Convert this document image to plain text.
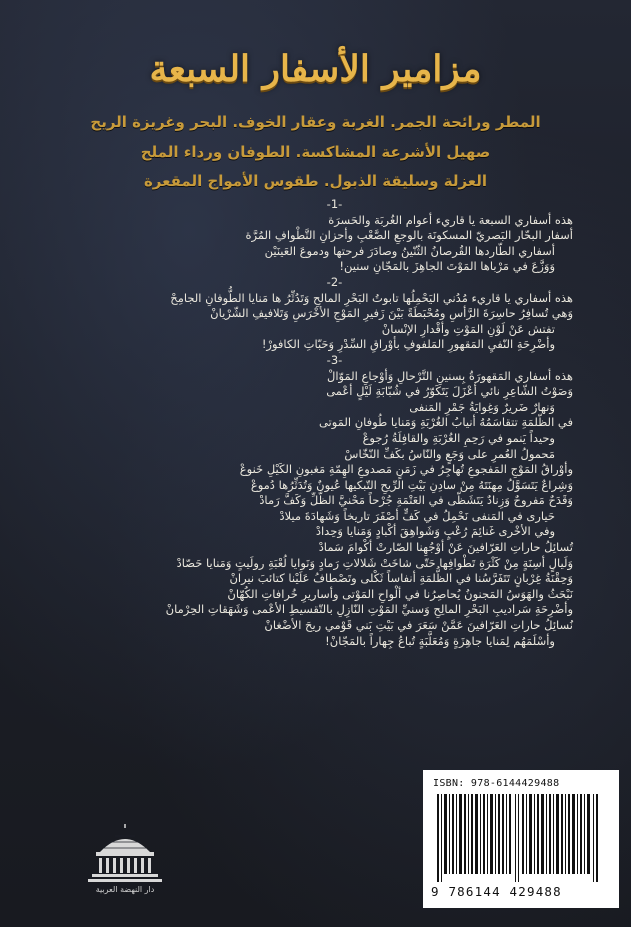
مزامير الأسفار السبعة
المطر ورائحة الجمر. الغربة وعقار الخوف. البحر وغريزة الريح
صهيل الأشرعة المشاكسة. الطوفان ورداء الملح
العزلة وسليقة الذبول. طقوس الأمواج المقعرة
-1-
هذه أسفاري السبعة يا قاريء أعوام الغُربَة والحَسرَة
أسفار البحّار البَصريّ المسكونَة بالوجعِ الصَّعْبِ وأحزانِ التَّطْوافِ المُرَّة
أسفاري الطّاردها القُرصانُ الثّنّينُ وصادَرَ فرحتها ودموعَ العَينَيْن
وَوَزَّعَ في مَرْباها المَوْتَ الجاهِزَ بالمَجّانِ سنين!
-2-
هذه أسفاري يا قاريء مُدُني اليَحْمِلُها تابوتُ البَحْرِ المالحِ وَتَدُثِّرُ ها مَنايا الطُّوفانِ الجامِحْ
وَهي تُسافِرُ حاسِرَةَ الرَّأسِ ومُحْبَطَةً بَيْنَ زَفيرِ المَوْجِ الأخْرَسِ وَتَلافيفِ الشّرْيانْ
تفتش عَنْ لَوْنِ المَوْتِ وأقْدارِ الإنْسانْ
وأضْرِحَةِ النّفيِ المَقهورِ المَلفوفِ بأوْراقِ السِّدْرِ وَحَبّاتِ الكافورْ!
-3-
هذه أسفاري المَقهورَةُ بِسنينِ التَّرْحالِ وَأوْجاعِ المَوّالْ
وَصَوْتُ الشّاعِرِ نائي أعْزَلَ يَتَكَوّرُ في شُبّابَةِ لَيْلٍ أعْمى
وَنهارٌ ضَريرٌ وَغِوايَةُ جَمْرِ المَنفى
في الظّلمَةِ تتقاسَمُهُ أنيابُ الغُرْبَةِ وَمَنايا طُوفانِ المَوتى
وحيداً يَنمو في رَحِمِ الغُرْبَةِ والقافِلَةُ رُجوعْ
مَحمولُ العُمرِ على وَجَعٍ والنّاسُ بكَفِّ النّخّاسْ
وأوْراقُ المَوْجِ المَفجوعِ تُهاجِرُ في زَمَنٍ مَصدوعِ الهِمّةِ مَغبونِ الكَيْلِ خَنوعْ
وَشِراعٌ يَتَسَوَّلُ مِهنَتَهُ مِنْ سادِنِ بَيْتِ الرِّيحِ التّبكيها عُيونٌ وَتُدَثِّرُها دُموعْ
وَقَدَحٌ مَفروحٌ وَزِنادٌ يَتَشَظّى في العَتْمَةِ جُرْحاً مَحْنيَّ الظّلِّ وَكَفَّ رَمادْ
حَيارى في المَنفى نَحْمِلُ في كَفٍّ أصْفَرَ تاريخاً وَشَهادَةَ ميلادْ
وفي الأخْرى غَنائِمَ رُعْبٍ وَشَواهِقَ أكْبادٍ وَمَنايا وَحِدادْ
تُسائِلُ حاراتِ العَرّافينَ عَنْ أوْجُهِنا الصّارتْ أكْوامَ سَمادْ
وَلَيالٍ أسِنَةٍ مِنْ كَثْرَةِ تَطْوافِها حَتّى شاخَتْ شَلالاتِ رَمادٍ وَنَوايا لُعْبَةِ رولَيتٍ وَمَنايا حَصّادْ
وَحِقْنَةُ غِرْبانٍ تَتَفَرَّسُنا في الظُّلمَةِ أنفاساً ثَكْلى وتَصْطافُ عَلَيْنا كتائبَ نيرانْ
نَبْحَثُ والهَوَسُ المَجنونُ يُحاصِرُنا في ألْواحِ المَوْتى وأساريرِ خُرافاتِ الكُهّانْ
وأضْرِحَةِ سَراديبِ البَحْرِ المالِحِ وَسنيِّ المَوْتِ النّازِلِ بالتّقسيطِ الأعْمى وَشَهَقاتِ الحِرْمانْ
نُسائِلُ حاراتِ العَرّافينَ عَمَّنْ سَعَرَ في بَيْتِ بَني قَوْمي ريحَ الأضْغانْ
وأسْلَمَهُم لِمَنايا جاهِزَةٍ وَمُعَلَّبَةٍ تُباعُ جِهاراً بالمَجّانْ!
دار النهضة العربية
ISBN: 978-6144429488
9 786144 429488
